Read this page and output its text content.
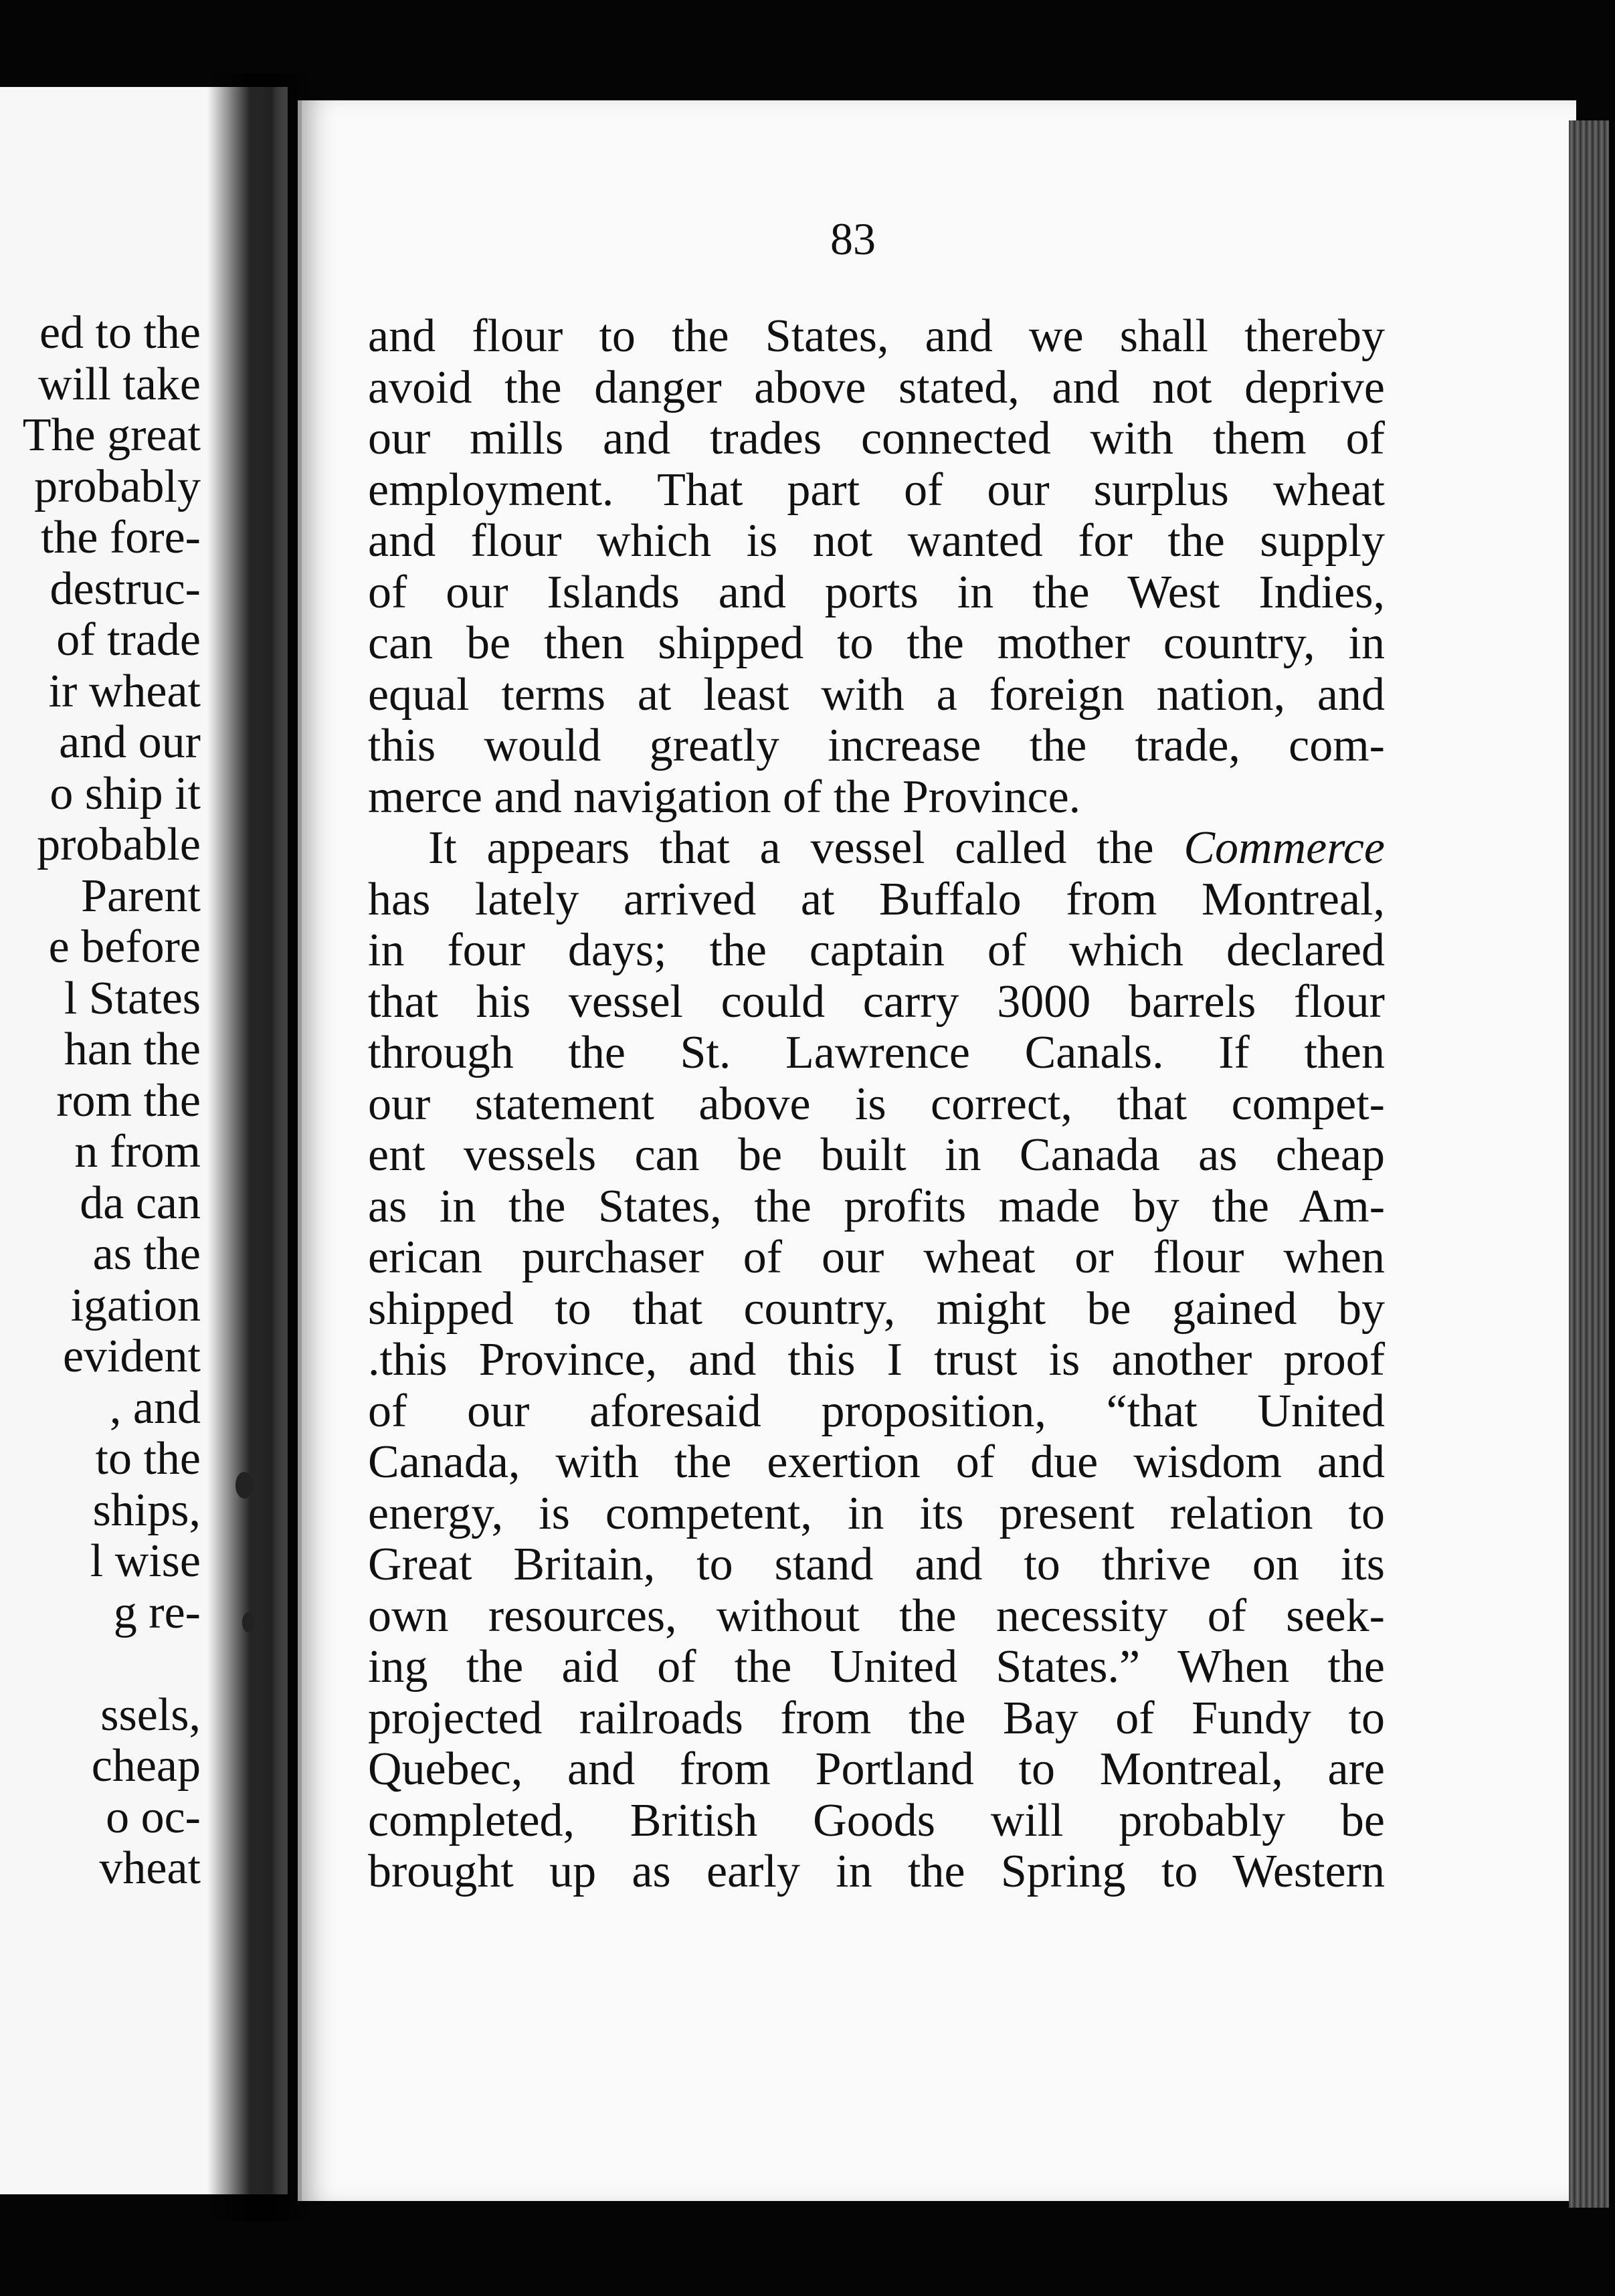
ed to the
will take
The great
probably
the fore-
destruc-
of trade
ir wheat
and our
o ship it
probable
Parent
e before
l States
han the
rom the
n from
da can
as the
igation
evident
, and
to the
ships,
l wise
g re-

ssels,
cheap
o oc-
vheat
83
and flour to the States, and we shall thereby
avoid the danger above stated, and not deprive
our mills and trades connected with them of
employment. That part of our surplus wheat
and flour which is not wanted for the supply
of our Islands and ports in the West Indies,
can be then shipped to the mother country, in
equal terms at least with a foreign nation, and
this would greatly increase the trade, com-
merce and navigation of the Province.
It appears that a vessel called the Commerce
has lately arrived at Buffalo from Montreal,
in four days; the captain of which declared
that his vessel could carry 3000 barrels flour
through the St. Lawrence Canals. If then
our statement above is correct, that compet-
ent vessels can be built in Canada as cheap
as in the States, the profits made by the Am-
erican purchaser of our wheat or flour when
shipped to that country, might be gained by
.this Province, and this I trust is another proof
of our aforesaid proposition, “that United
Canada, with the exertion of due wisdom and
energy, is competent, in its present relation to
Great Britain, to stand and to thrive on its
own resources, without the necessity of seek-
ing the aid of the United States.” When the
projected railroads from the Bay of Fundy to
Quebec, and from Portland to Montreal, are
completed, British Goods will probably be
brought up as early in the Spring to Western
